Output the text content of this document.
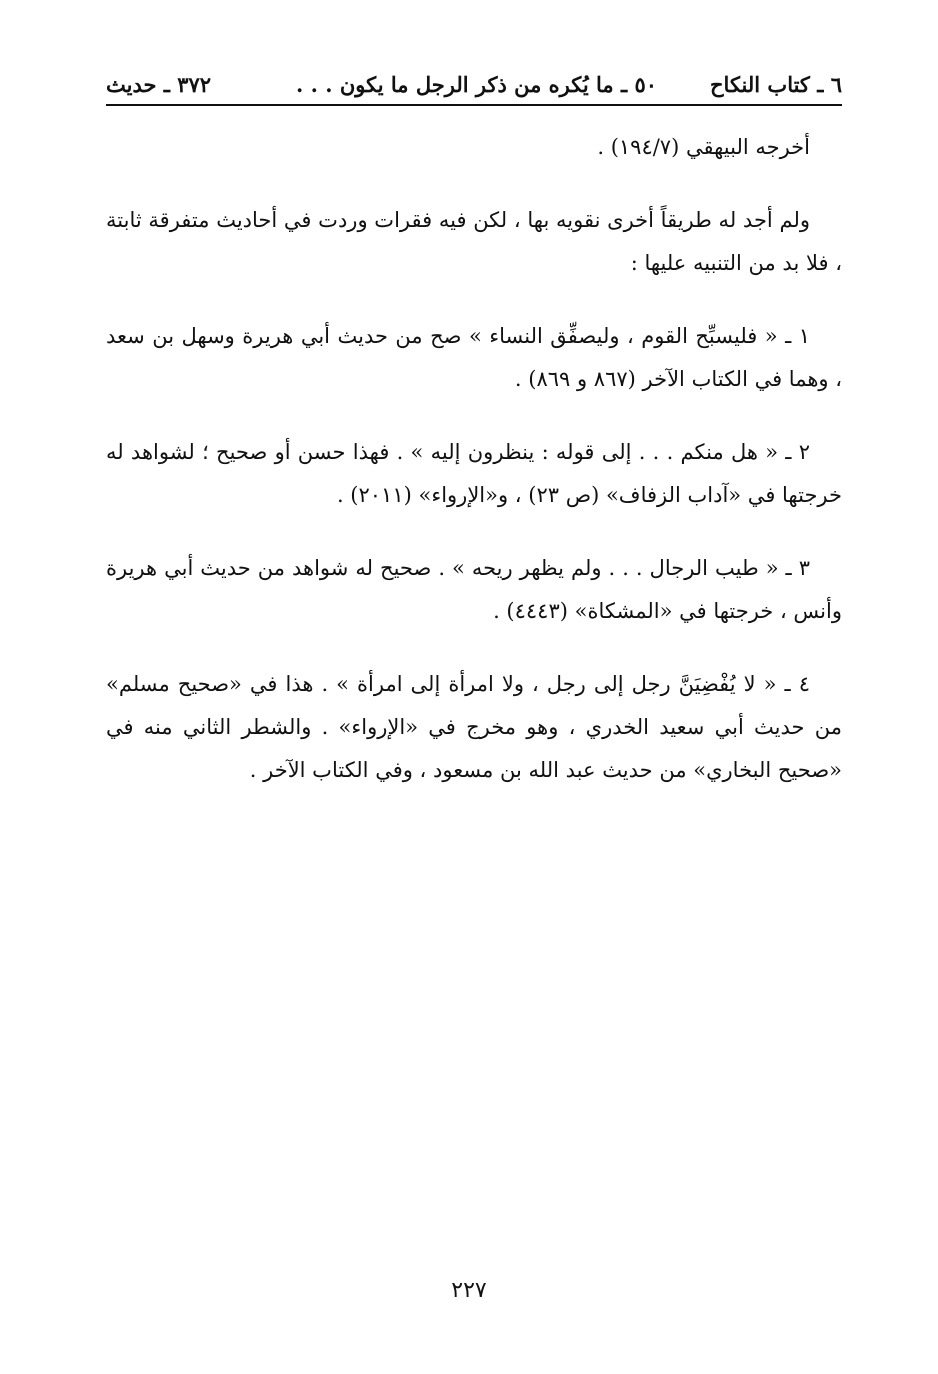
٦ ـ كتاب النكاح
٥٠ ـ ما يُكره من ذكر الرجل ما يكون . . .
٣٧٢ ـ حديث

أخرجه البيهقي (١٩٤/٧) .

ولم أجد له طريقاً أخرى نقويه بها ، لكن فيه فقرات وردت في أحاديث متفرقة ثابتة ، فلا بد من التنبيه عليها :

١ ـ « فليسبِّح القوم ، وليصفِّق النساء » صح من حديث أبي هريرة وسهل بن سعد ، وهما في الكتاب الآخر (٨٦٧ و ٨٦٩) .

٢ ـ « هل منكم . . . إلى قوله : ينظرون إليه » . فهذا حسن أو صحيح ؛ لشواهد له خرجتها في «آداب الزفاف» (ص ٢٣) ، و«الإرواء» (٢٠١١) .

٣ ـ « طيب الرجال . . . ولم يظهر ريحه » . صحيح له شواهد من حديث أبي هريرة وأنس ، خرجتها في «المشكاة» (٤٤٤٣) .

٤ ـ « لا يُفْضِيَنَّ رجل إلى رجل ، ولا امرأة إلى امرأة » . هذا في «صحيح مسلم» من حديث أبي سعيد الخدري ، وهو مخرج في «الإرواء» . والشطر الثاني منه في «صحيح البخاري» من حديث عبد الله بن مسعود ، وفي الكتاب الآخر .

٢٢٧
